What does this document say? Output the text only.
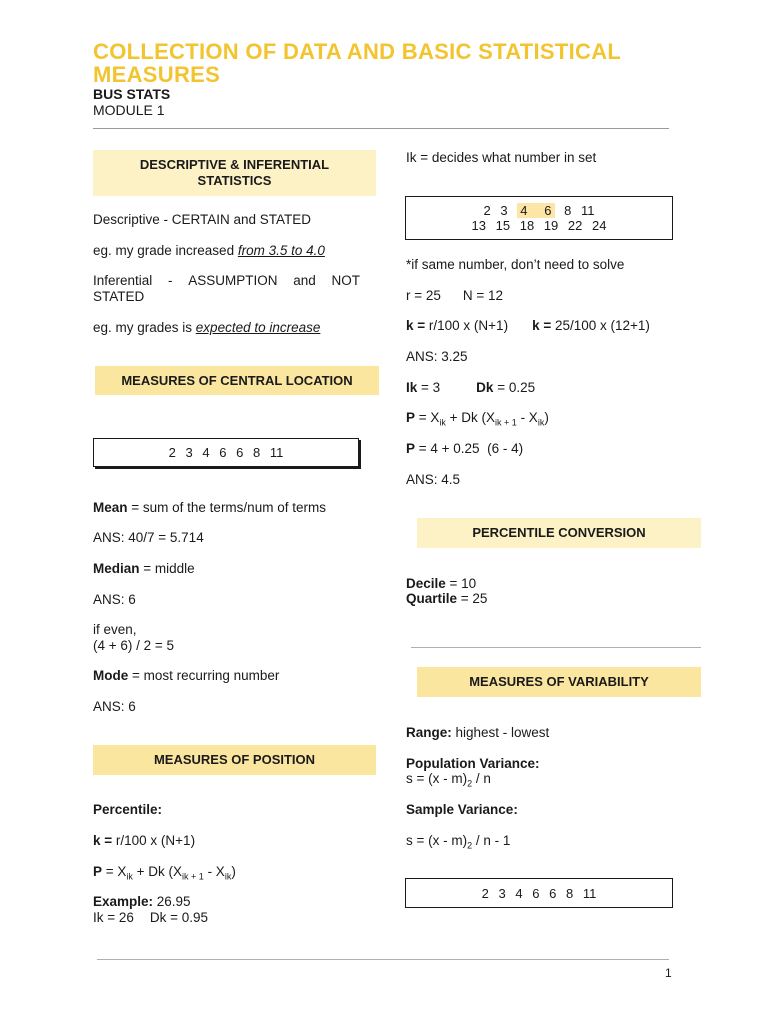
COLLECTION OF DATA AND BASIC STATISTICAL MEASURES
BUS STATS
MODULE 1
DESCRIPTIVE & INFERENTIAL STATISTICS
Descriptive - CERTAIN and STATED
eg. my grade increased from 3.5 to 4.0
Inferential - ASSUMPTION and NOT
STATED
eg. my grades is expected to increase
MEASURES OF CENTRAL LOCATION
2 3 4 6 6 8 11
Mean = sum of the terms/num of terms
ANS: 40/7 = 5.714
Median = middle
ANS: 6
if even,
(4 + 6) / 2 = 5
Mode = most recurring number
ANS: 6
MEASURES OF POSITION
Percentile:
k = r/100 x (N+1)
$P = X_{ik} + Dk$ $(X_{ik + 1} - X_{ik})$
Example: 26.95
Ik = 26 Dk = 0.95
Ik = decides what number in set
2 3 4 6 8 11
13 15 18 19 22 24
*if same number, don’t need to solve
r = 25 N = 12
k = r/100 x (N+1) k = 25/100 x (12+1)
ANS: 3.25
Ik = 3	Dk = 0.25
$P = X_{ik} + Dk$ $(X_{ik + 1} - X_{ik})$
P = 4 + 0.25  (6 - 4)
ANS: 4.5
PERCENTILE CONVERSION
Decile = 10
Quartile = 25
MEASURES OF VARIABILITY
Range: highest - lowest
Population Variance:
$s = (x - m)_2 / n$
Sample Variance:
$s = (x - m)_2 / n - 1$
2 3 4 6 6 8 11
1
